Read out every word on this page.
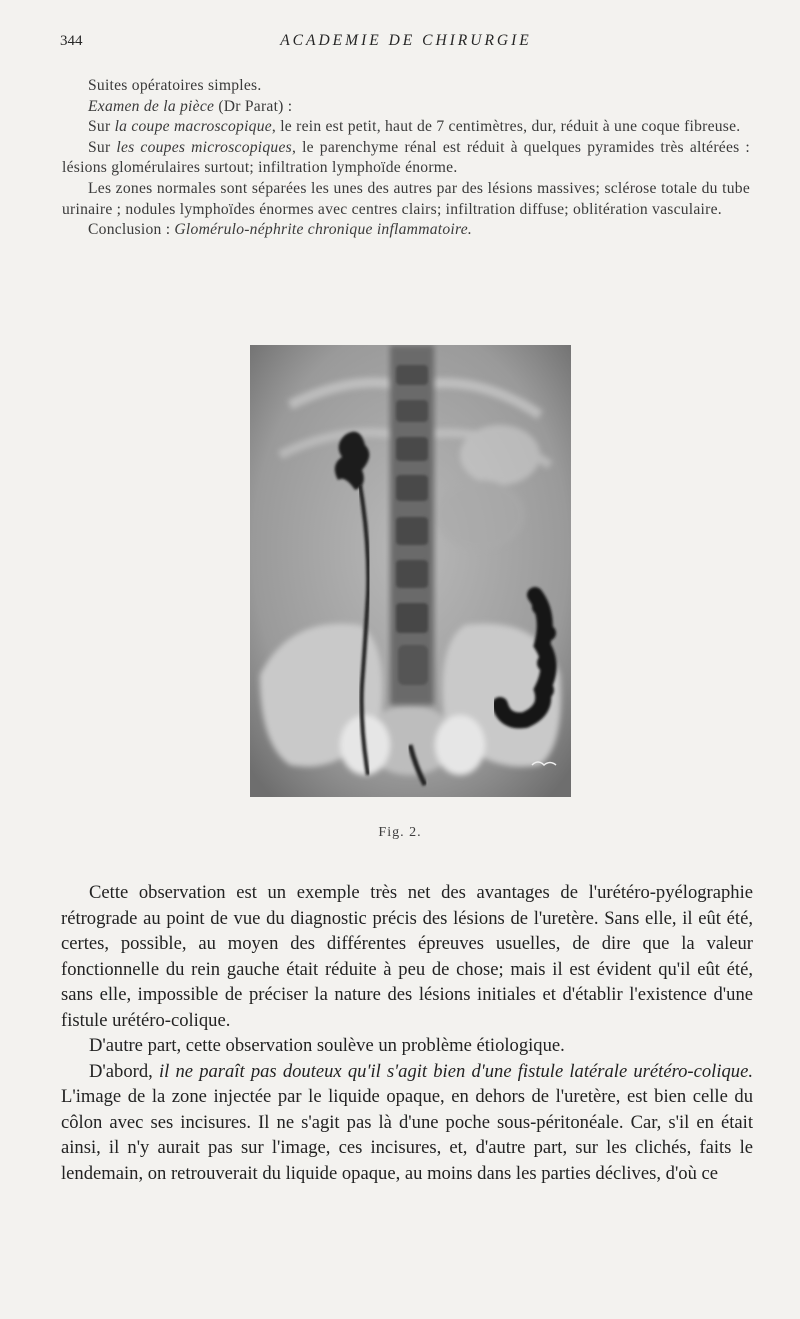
344	ACADEMIE DE CHIRURGIE

Suites opératoires simples.

Examen de la pièce (Dr Parat) :

Sur la coupe macroscopique, le rein est petit, haut de 7 centimètres, dur, réduit à une coque fibreuse.

Sur les coupes microscopiques, le parenchyme rénal est réduit à quelques pyramides très altérées : lésions glomérulaires surtout; infiltration lymphoïde énorme.

Les zones normales sont séparées les unes des autres par des lésions massives; sclérose totale du tube urinaire ; nodules lymphoïdes énormes avec centres clairs; infiltration diffuse; oblitération vasculaire.

Conclusion : Glomérulo-néphrite chronique inflammatoire.

Fig. 2.

Cette observation est un exemple très net des avantages de l'urétéro-pyélographie rétrograde au point de vue du diagnostic précis des lésions de l'uretère. Sans elle, il eût été, certes, possible, au moyen des différentes épreuves usuelles, de dire que la valeur fonctionnelle du rein gauche était réduite à peu de chose; mais il est évident qu'il eût été, sans elle, impossible de préciser la nature des lésions initiales et d'établir l'existence d'une fistule urétéro-colique.

D'autre part, cette observation soulève un problème étiologique.

D'abord, il ne paraît pas douteux qu'il s'agit bien d'une fistule latérale urétéro-colique. L'image de la zone injectée par le liquide opaque, en dehors de l'uretère, est bien celle du côlon avec ses incisures. Il ne s'agit pas là d'une poche sous-péritonéale. Car, s'il en était ainsi, il n'y aurait pas sur l'image, ces incisures, et, d'autre part, sur les clichés, faits le lendemain, on retrouverait du liquide opaque, au moins dans les parties déclives, d'où ce
